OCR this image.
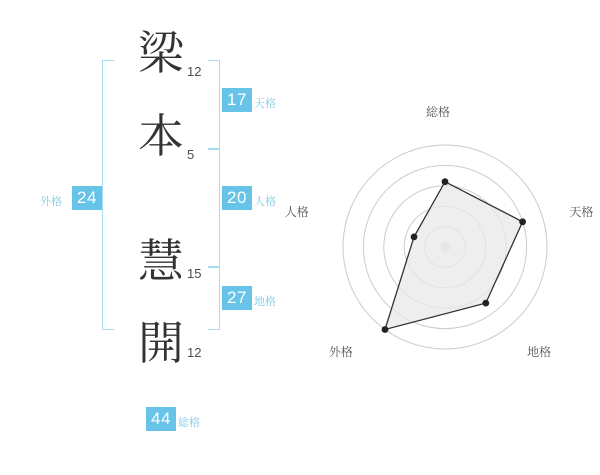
梁
本
慧
開
12
5
15
12
17 天格
20 人格
27 地格
24
外格
44 総格
総格
天格
地格
外格
人格
